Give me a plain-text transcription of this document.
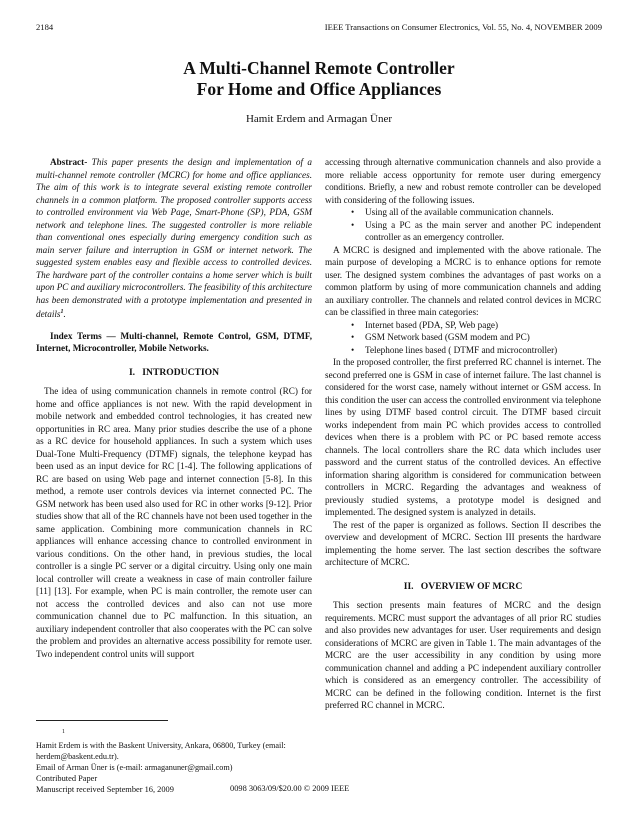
2184	IEEE Transactions on Consumer Electronics, Vol. 55, No. 4, NOVEMBER 2009
A Multi-Channel Remote Controller
For Home and Office Appliances
Hamit Erdem and Armagan Üner

Abstract- This paper presents the design and implementation of a multi-channel remote controller (MCRC) for home and office appliances. The aim of this work is to integrate several existing remote controller channels in a common platform. The proposed controller supports access to controlled environment via Web Page, Smart-Phone (SP), PDA, GSM network and telephone lines. The suggested controller is more reliable than conventional ones especially during emergency condition such as main server failure and interruption in GSM or internet network. The suggested system enables easy and flexible access to controlled devices. The hardware part of the controller contains a home server which is built upon PC and auxiliary microcontrollers. The feasibility of this architecture has been demonstrated with a prototype implementation and presented in details$^1$.

Index Terms — Multi-channel, Remote Control, GSM, DTMF, Internet, Microcontroller, Mobile Networks.

I. INTRODUCTION

The idea of using communication channels in remote control (RC) for home and office appliances is not new. With the rapid development in mobile network and embedded control technologies, it has created new opportunities in RC area. Many prior studies describe the use of a phone as a RC device for household appliances. In such a system which uses Dual-Tone Multi-Frequency (DTMF) signals, the telephone keypad has been used as an input device for RC [1-4]. The following applications of RC are based on using Web page and internet connection [5-8]. In this method, a remote user controls devices via internet connected PC. The GSM network has been used also used for RC in other works [9-12]. Prior studies show that all of the RC channels have not been used together in the same application. Combining more communication channels in RC appliances will enhance accessing chance to controlled environment in various conditions. On the other hand, in previous studies, the local controller is a single PC server or a digital circuitry. Using only one main local controller will create a weakness in case of main controller failure [11] [13]. For example, when PC is main controller, the remote user can not access the controlled devices and also can not use more communication channel due to PC malfunction. In this situation, an auxiliary independent controller that also cooperates with the PC can solve the problem and provides an alternative access possibility for remote user. Two independent control units will support

accessing through alternative communication channels and also provide a more reliable access opportunity for remote user during emergency conditions. Briefly, a new and robust remote controller can be developed with considering of the following issues.

• Using all of the available communication channels.
• Using a PC as the main server and another PC independent controller as an emergency controller.

A MCRC is designed and implemented with the above rationale. The main purpose of developing a MCRC is to enhance options for remote user. The designed system combines the advantages of past works on a common platform by using of more communication channels and adding an auxiliary controller. The channels and related control devices in MCRC can be classified in three main categories:

• Internet based (PDA, SP, Web page)
• GSM Network based (GSM modem and PC)
• Telephone lines based ( DTMF and microcontroller)

In the proposed controller, the first preferred RC channel is internet. The second preferred one is GSM in case of internet failure. The last channel is considered for the worst case, namely without internet or GSM access. In this condition the user can access the controlled environment via telephone lines by using DTMF based control circuit. The DTMF based circuit works independent from main PC which provides access to controlled devices when there is a problem with PC or PC based remote access channels. The local controllers share the RC data which includes user password and the current status of the controlled devices. An effective information sharing algorithm is considered for communication between controllers in MCRC. Regarding the advantages and weakness of previously studied systems, a prototype model is designed and implemented. The designed system is analyzed in details.

The rest of the paper is organized as follows. Section II describes the overview and development of MCRC. Section III presents the hardware implementing the home server. The last section describes the software architecture of MCRC.

II. OVERVIEW OF MCRC

This section presents main features of MCRC and the design requirements. MCRC must support the advantages of all prior RC studies and also provides new advantages for user. User requirements and design considerations of MCRC are given in Table 1. The main advantages of the MCRC are the user accessibility in any condition by using more communication channel and adding a PC independent auxiliary controller which is considered as an emergency controller. The accessibility of MCRC can be defined in the following condition. Internet is the first preferred RC channel in MCRC.

$^1$

Hamit Erdem is with the Baskent University, Ankara, 06800, Turkey (email: herdem@baskent.edu.tr).

Email of Arman Üner is (e-mail: armaganuner@gmail.com)

Contributed Paper

Manuscript received September 16, 2009	0098 3063/09/$20.00 © 2009 IEEE
